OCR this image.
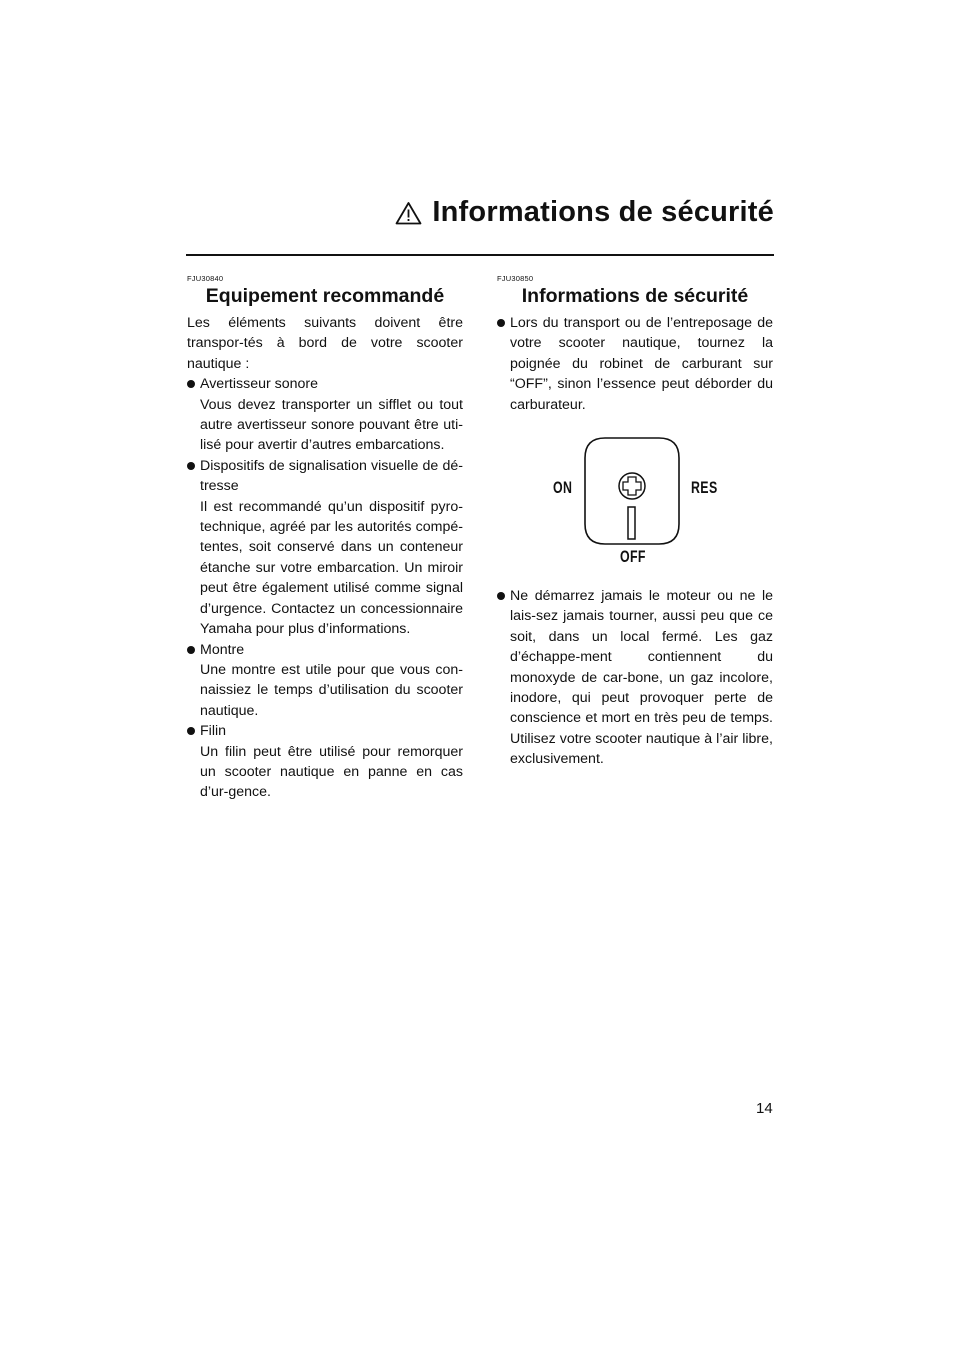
Informations de sécurité
FJU30840
Equipement recommandé

Les éléments suivants doivent être transpor-tés à bord de votre scooter nautique :

Avertisseur sonore
Vous devez transporter un sifflet ou tout autre avertisseur sonore pouvant être uti-lisé pour avertir d’autres embarcations.
Dispositifs de signalisation visuelle de dé-tresse
Il est recommandé qu’un dispositif pyro-technique, agréé par les autorités compé-tentes, soit conservé dans un conteneur étanche sur votre embarcation. Un miroir peut être également utilisé comme signal d’urgence. Contactez un concessionnaire Yamaha pour plus d’informations.
Montre
Une montre est utile pour que vous con-naissiez le temps d’utilisation du scooter nautique.
Filin
Un filin peut être utilisé pour remorquer un scooter nautique en panne en cas d’ur-gence.
FJU30850
Informations de sécurité
Lors du transport ou de l’entreposage de votre scooter nautique, tournez la poignée du robinet de carburant sur “OFF”, sinon l’essence peut déborder du carburateur.
ON	RES
OFF
Ne démarrez jamais le moteur ou ne le lais-sez jamais tourner, aussi peu que ce soit, dans un local fermé. Les gaz d’échappe-ment contiennent du monoxyde de car-bone, un gaz incolore, inodore, qui peut provoquer perte de conscience et mort en très peu de temps. Utilisez votre scooter nautique à l’air libre, exclusivement.
14
